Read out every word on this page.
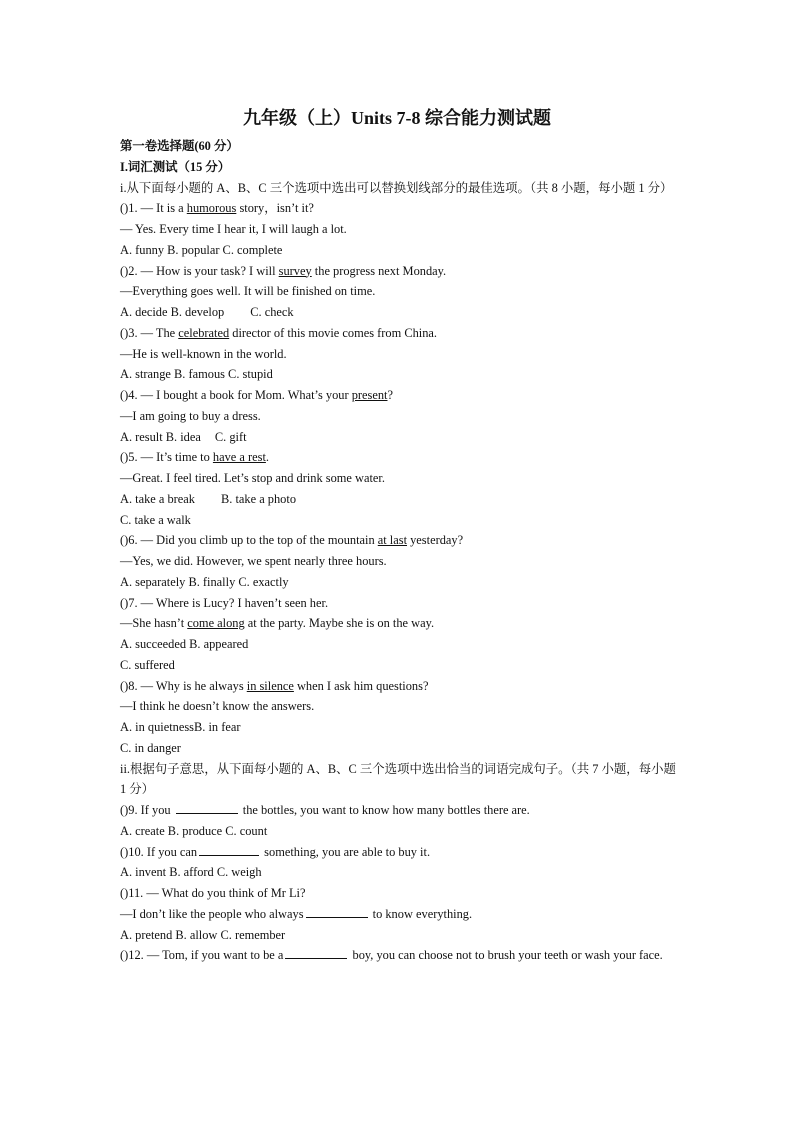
九年级（上）Units 7-8 综合能力测试题
第一卷选择题(60 分）
I.词汇测试（15 分）
i.从下面每小题的 A、B、C 三个选项中选出可以替换划线部分的最佳选项。（共 8 小题，每小题 1 分）
()1. — It is a humorous story，isn’t it?
— Yes. Every time I hear it, I will laugh a lot.
A. funny B. popular C. complete
()2. — How is your task? I will survey the progress next Monday.
—Everything goes well. It will be finished on time.
A. decide B. develop C. check
()3. — The celebrated director of this movie comes from China.
—He is well-known in the world.
A. strange B. famous C. stupid
()4. — I bought a book for Mom. What’s your present?
—I am going to buy a dress.
A. result B. idea C. gift
()5. — It’s time to have a rest.
—Great. I feel tired. Let’s stop and drink some water.
A. take a break B. take a photo
C. take a walk
()6. — Did you climb up to the top of the mountain at last yesterday?
—Yes, we did. However, we spent nearly three hours.
A. separately B. finally C. exactly
()7. — Where is Lucy? I haven’t seen her.
—She hasn’t come along at the party. Maybe she is on the way.
A. succeeded B. appeared
C. suffered
()8. — Why is he always in silence when I ask him questions?
—I think he doesn’t know the answers.
A. in quietnessB. in fear
C. in danger
ii.根据句子意思，从下面每小题的 A、B、C 三个选项中选出恰当的词语完成句子。（共 7 小题，每小题 1 分）
()9. If you	the bottles, you want to know how many bottles there are.
A. create B. produce C. count
()10. If you can	something, you are able to buy it.
A. invent B. afford C. weigh
()11. — What do you think of Mr Li?
—I don’t like the people who always	to know everything.
A. pretend B. allow C. remember
()12. — Tom, if you want to be a	boy, you can choose not to brush your teeth or wash your face.
